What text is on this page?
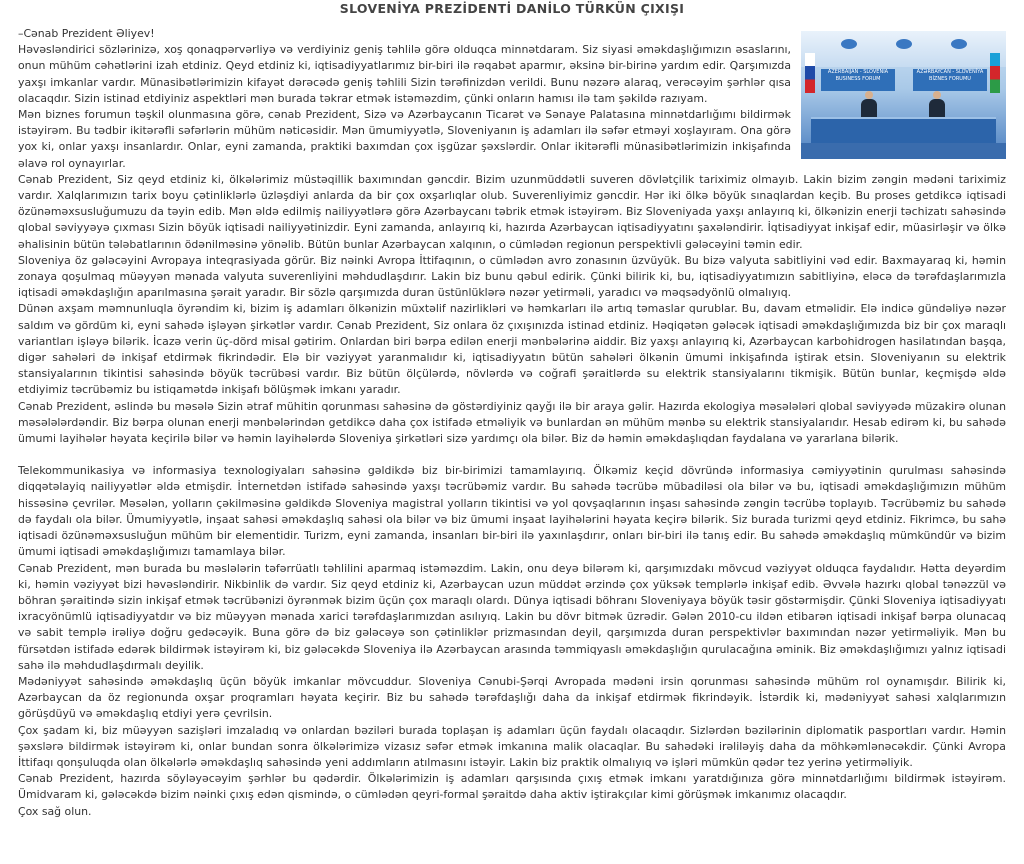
SLOVENİYA PREZİDENTİ DANİLO TÜRKÜN ÇIXIŞI
AZERBAIJAN - SLOVENIA BUSINESS FORUM
AZƏRBAYCAN - SLOVENİYA BİZNES FORUMU

–Cənab Prezident Əliyev!

Həvəsləndirici sözlərinizə, xoş qonaqpərvərliyə və verdiyiniz geniş təhlilə görə olduqca minnətdaram. Siz siyasi əməkdaşlığımızın əsaslarını, onun mühüm cəhətlərini izah etdiniz. Qeyd etdiniz ki, iqtisadiyyatlarımız bir-biri ilə rəqabət aparmır, əksinə bir-birinə yardım edir. Qarşımızda yaxşı imkanlar vardır. Münasibətlərimizin kifayət dərəcədə geniş təhlili Sizin tərəfinizdən verildi. Bunu nəzərə alaraq, verəcəyim şərhlər qısa olacaqdır. Sizin istinad etdiyiniz aspektləri mən burada təkrar etmək istəməzdim, çünki onların hamısı ilə tam şəkildə razıyam.

Mən biznes forumun təşkil olunmasına görə, cənab Prezident, Sizə və Azərbaycanın Ticarət və Sənaye Palatasına minnətdarlığımı bildirmək istəyirəm. Bu tədbir ikitərəfli səfərlərin mühüm nəticəsidir. Mən ümumiyyətlə, Sloveniyanın iş adamları ilə səfər etməyi xoşlayıram. Ona görə yox ki, onlar yaxşı insanlardır. Onlar, eyni zamanda, praktiki baxımdan çox işgüzar şəxslərdir. Onlar ikitərəfli münasibətlərimizin inkişafında əlavə rol oynayırlar.

Cənab Prezident, Siz qeyd etdiniz ki, ölkələrimiz müstəqillik baxımından gəncdir. Bizim uzunmüddətli suveren dövlətçilik tariximiz olmayıb. Lakin bizim zəngin mədəni tariximiz vardır. Xalqlarımızın tarix boyu çətinliklərlə üzləşdiyi anlarda da bir çox oxşarlıqlar olub. Suverenliyimiz gəncdir. Hər iki ölkə böyük sınaqlardan keçib. Bu proses getdikcə iqtisadi özünəməxsusluğumuzu da təyin edib. Mən əldə edilmiş nailiyyətlərə görə Azərbaycanı təbrik etmək istəyirəm. Biz Sloveniyada yaxşı anlayırıq ki, ölkənizin enerji təchizatı sahəsində qlobal səviyyəyə çıxması Sizin böyük iqtisadi nailiyyətinizdir. Eyni zamanda, anlayırıq ki, hazırda Azərbaycan iqtisadiyyatını şaxələndirir. İqtisadiyyat inkişaf edir, müasirləşir və ölkə əhalisinin bütün tələbatlarının ödənilməsinə yönəlib. Bütün bunlar Azərbaycan xalqının, o cümlədən regionun perspektivli gələcəyini təmin edir.

Sloveniya öz gələcəyini Avropaya inteqrasiyada görür. Biz nəinki Avropa İttifaqının, o cümlədən avro zonasının üzvüyük. Bu bizə valyuta sabitliyini vəd edir. Baxmayaraq ki, həmin zonaya qoşulmaq müəyyən mənada valyuta suverenliyini məhdudlaşdırır. Lakin biz bunu qəbul edirik. Çünki bilirik ki, bu, iqtisadiyyatımızın sabitliyinə, eləcə də tərəfdaşlarımızla iqtisadi əməkdaşlığın aparılmasına şərait yaradır. Bir sözlə qarşımızda duran üstünlüklərə nəzər yetirməli, yaradıcı və məqsədyönlü olmalıyıq.

Dünən axşam məmnunluqla öyrəndim ki, bizim iş adamları ölkənizin müxtəlif nazirlikləri və həmkarları ilə artıq təmaslar qurublar. Bu, davam etməlidir. Elə indicə gündəliyə nəzər saldım və gördüm ki, eyni sahədə işləyən şirkətlər vardır. Cənab Prezident, Siz onlara öz çıxışınızda istinad etdiniz. Həqiqətən gələcək iqtisadi əməkdaşlığımızda biz bir çox maraqlı variantları işləyə bilərik. İcazə verin üç-dörd misal gətirim. Onlardan biri bərpa edilən enerji mənbələrinə aiddir. Biz yaxşı anlayırıq ki, Azərbaycan karbohidrogen hasilatından başqa, digər sahələri də inkişaf etdirmək fikrindədir. Elə bir vəziyyət yaranmalıdır ki, iqtisadiyyatın bütün sahələri ölkənin ümumi inkişafında iştirak etsin. Sloveniyanın su elektrik stansiyalarının tikintisi sahəsində böyük təcrübəsi vardır. Biz bütün ölçülərdə, növlərdə və coğrafi şəraitlərdə su elektrik stansiyalarını tikmişik. Bütün bunlar, keçmişdə əldə etdiyimiz təcrübəmiz bu istiqamətdə inkişafı bölüşmək imkanı yaradır.

Cənab Prezident, əslində bu məsələ Sizin ətraf mühitin qorunması sahəsinə də göstərdiyiniz qayğı ilə bir araya gəlir. Hazırda ekologiya məsələləri qlobal səviyyədə müzakirə olunan məsələlərdəndir. Biz bərpa olunan enerji mənbələrindən getdikcə daha çox istifadə etməliyik və bunlardan ən mühüm mənbə su elektrik stansiyalarıdır. Hesab edirəm ki, bu sahədə ümumi layihələr həyata keçirilə bilər və həmin layihələrdə Sloveniya şirkətləri sizə yardımçı ola bilər. Biz də həmin əməkdaşlıqdan faydalana və yararlana bilərik.

Telekommunikasiya və informasiya texnologiyaları sahəsinə gəldikdə biz bir-birimizi tamamlayırıq. Ölkəmiz keçid dövründə informasiya cəmiyyətinin qurulması sahəsində diqqətəlayiq nailiyyətlər əldə etmişdir. İnternetdən istifadə sahəsində yaxşı təcrübəmiz vardır. Bu sahədə təcrübə mübadiləsi ola bilər və bu, iqtisadi əməkdaşlığımızın mühüm hissəsinə çevrilər. Məsələn, yolların çəkilməsinə gəldikdə Sloveniya magistral yolların tikintisi və yol qovşaqlarının inşası sahəsində zəngin təcrübə toplayıb. Təcrübəmiz bu sahədə də faydalı ola bilər. Ümumiyyətlə, inşaat sahəsi əməkdaşlıq sahəsi ola bilər və biz ümumi inşaat layihələrini həyata keçirə bilərik. Siz burada turizmi qeyd etdiniz. Fikrimcə, bu sahə iqtisadi özünəməxsusluğun mühüm bir elementidir. Turizm, eyni zamanda, insanları bir-biri ilə yaxınlaşdırır, onları bir-biri ilə tanış edir. Bu sahədə əməkdaşlıq mümkündür və bizim ümumi iqtisadi əməkdaşlığımızı tamamlaya bilər.

Cənab Prezident, mən burada bu məslələrin təfərrüatlı təhlilini aparmaq istəməzdim. Lakin, onu deyə bilərəm ki, qarşımızdakı mövcud vəziyyət olduqca faydalıdır. Hətta deyərdim ki, həmin vəziyyət bizi həvəsləndirir. Nikbinlik də vardır. Siz qeyd etdiniz ki, Azərbaycan uzun müddət ərzində çox yüksək templərlə inkişaf edib. Əvvələ hazırkı qlobal tənəzzül və böhran şəraitində sizin inkişaf etmək təcrübənizi öyrənmək bizim üçün çox maraqlı olardı. Dünya iqtisadi böhranı Sloveniyaya böyük təsir göstərmişdir. Çünki Sloveniya iqtisadiyyatı ixracyönümlü iqtisadiyyatdır və biz müəyyən mənada xarici tərəfdaşlarımızdan asılıyıq. Lakin bu dövr bitmək üzrədir. Gələn 2010-cu ildən etibarən iqtisadi inkişaf bərpa olunacaq və sabit templə irəliyə doğru gedəcəyik. Buna görə də biz gələcəyə son çətinliklər prizmasından deyil, qarşımızda duran perspektivlər baxımından nəzər yetirməliyik. Mən bu fürsətdən istifadə edərək bildirmək istəyirəm ki, biz gələcəkdə Sloveniya ilə Azərbaycan arasında təmmiqyaslı əməkdaşlığın qurulacağına əminik. Biz əməkdaşlığımızı yalnız iqtisadi sahə ilə məhdudlaşdırmalı deyilik.

Mədəniyyət sahəsində əməkdaşlıq üçün böyük imkanlar mövcuddur. Sloveniya Cənubi-Şərqi Avropada mədəni irsin qorunması sahəsində mühüm rol oynamışdır. Bilirik ki, Azərbaycan da öz regionunda oxşar proqramları həyata keçirir. Biz bu sahədə tərəfdaşlığı daha da inkişaf etdirmək fikrindəyik. İstərdik ki, mədəniyyət sahəsi xalqlarımızın görüşdüyü və əməkdaşlıq etdiyi yerə çevrilsin.

Çox şadam ki, biz müəyyən sazişləri imzaladıq və onlardan bəziləri burada toplaşan iş adamları üçün faydalı olacaqdır. Sizlərdən bəzilərinin diplomatik pasportları vardır. Həmin şəxslərə bildirmək istəyirəm ki, onlar bundan sonra ölkələrimizə vizasız səfər etmək imkanına malik olacaqlar. Bu sahədəki irəliləyiş daha da möhkəmlənəcəkdir. Çünki Avropa İttifaqı qonşuluqda olan ölkələrlə əməkdaşlıq sahəsində yeni addımların atılmasını istəyir. Lakin biz praktik olmalıyıq və işləri mümkün qədər tez yerinə yetirməliyik.

Cənab Prezident, hazırda söyləyəcəyim şərhlər bu qədərdir. Ölkələrimizin iş adamları qarşısında çıxış etmək imkanı yaratdığınıza görə minnətdarlığımı bildirmək istəyirəm. Ümidvaram ki, gələcəkdə bizim nəinki çıxış edən qismində, o cümlədən qeyri-formal şəraitdə daha aktiv iştirakçılar kimi görüşmək imkanımız olacaqdır.

Çox sağ olun.
